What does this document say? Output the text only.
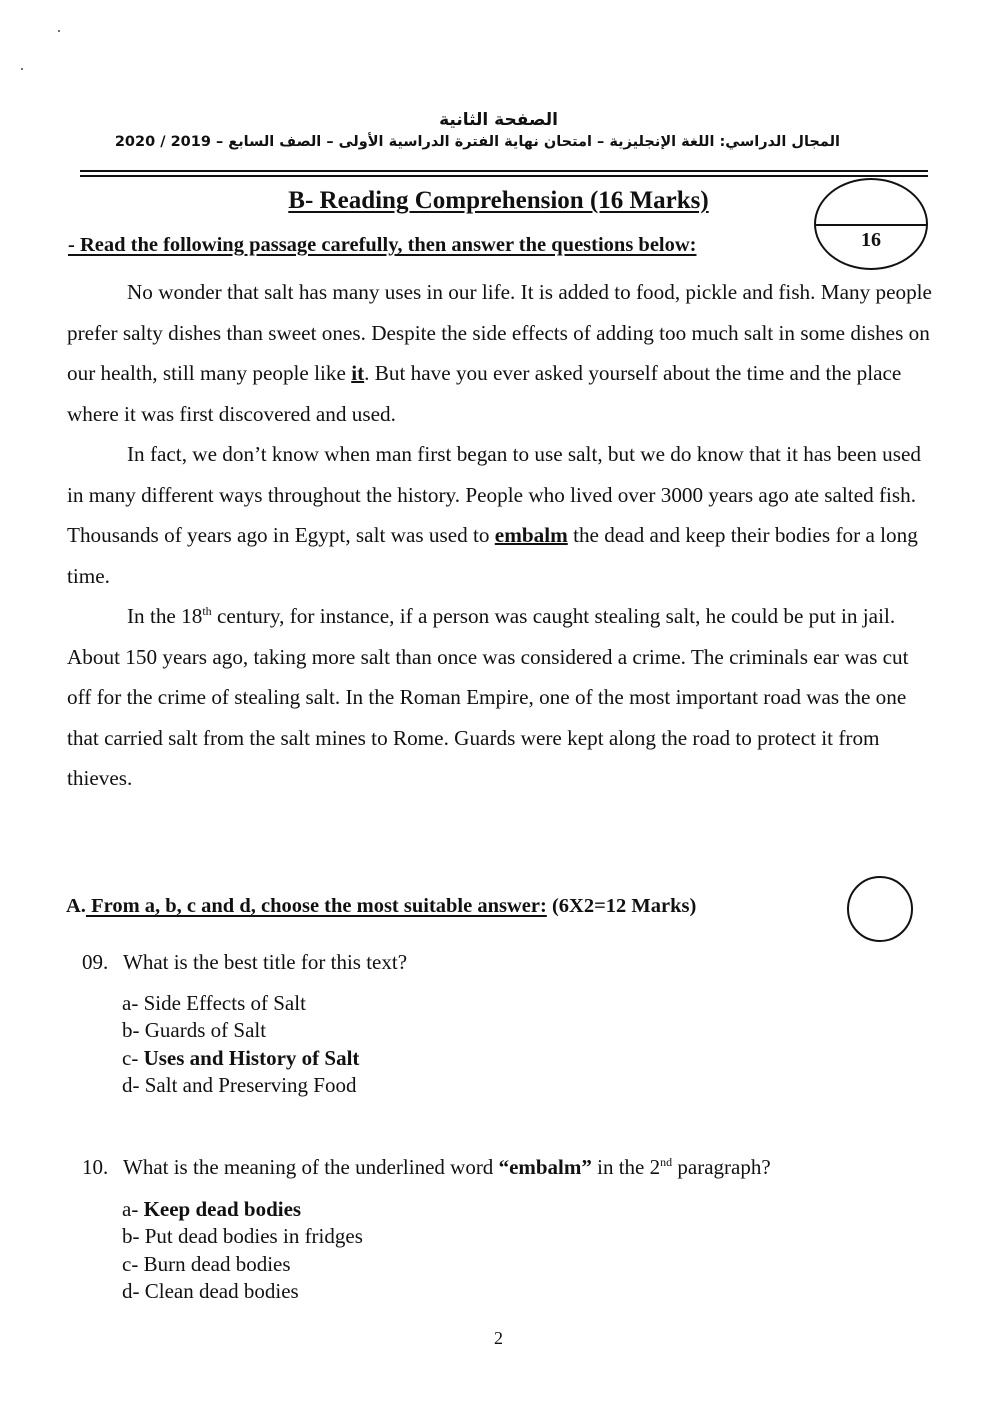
الصفحة الثانية
المجال الدراسي: اللغة الإنجليزية – امتحان نهاية الفترة الدراسية الأولى – الصف السابع – 2019 / 2020
B- Reading Comprehension (16 Marks)
- Read the following passage carefully, then answer the questions below:	16

No wonder that salt has many uses in our life. It is added to food, pickle and fish. Many people prefer salty dishes than sweet ones. Despite the side effects of adding too much salt in some dishes on our health, still many people like it. But have you ever asked yourself about the time and the place where it was first discovered and used.

In fact, we don’t know when man first began to use salt, but we do know that it has been used in many different ways throughout the history. People who lived over 3000 years ago ate salted fish. Thousands of years ago in Egypt, salt was used to embalm the dead and keep their bodies for a long time.

In the 18th century, for instance, if a person was caught stealing salt, he could be put in jail. About 150 years ago, taking more salt than once was considered a crime. The criminals ear was cut off for the crime of stealing salt. In the Roman Empire, one of the most important road was the one that carried salt from the salt mines to Rome. Guards were kept along the road to protect it from thieves.

A. From a, b, c and d, choose the most suitable answer: (6X2=12 Marks)
09. What is the best title for this text?
a- Side Effects of Salt
b- Guards of Salt
c- Uses and History of Salt
d- Salt and Preserving Food
10. What is the meaning of the underlined word “embalm” in the 2nd paragraph?
a- Keep dead bodies
b- Put dead bodies in fridges
c- Burn dead bodies
d- Clean dead bodies
2
